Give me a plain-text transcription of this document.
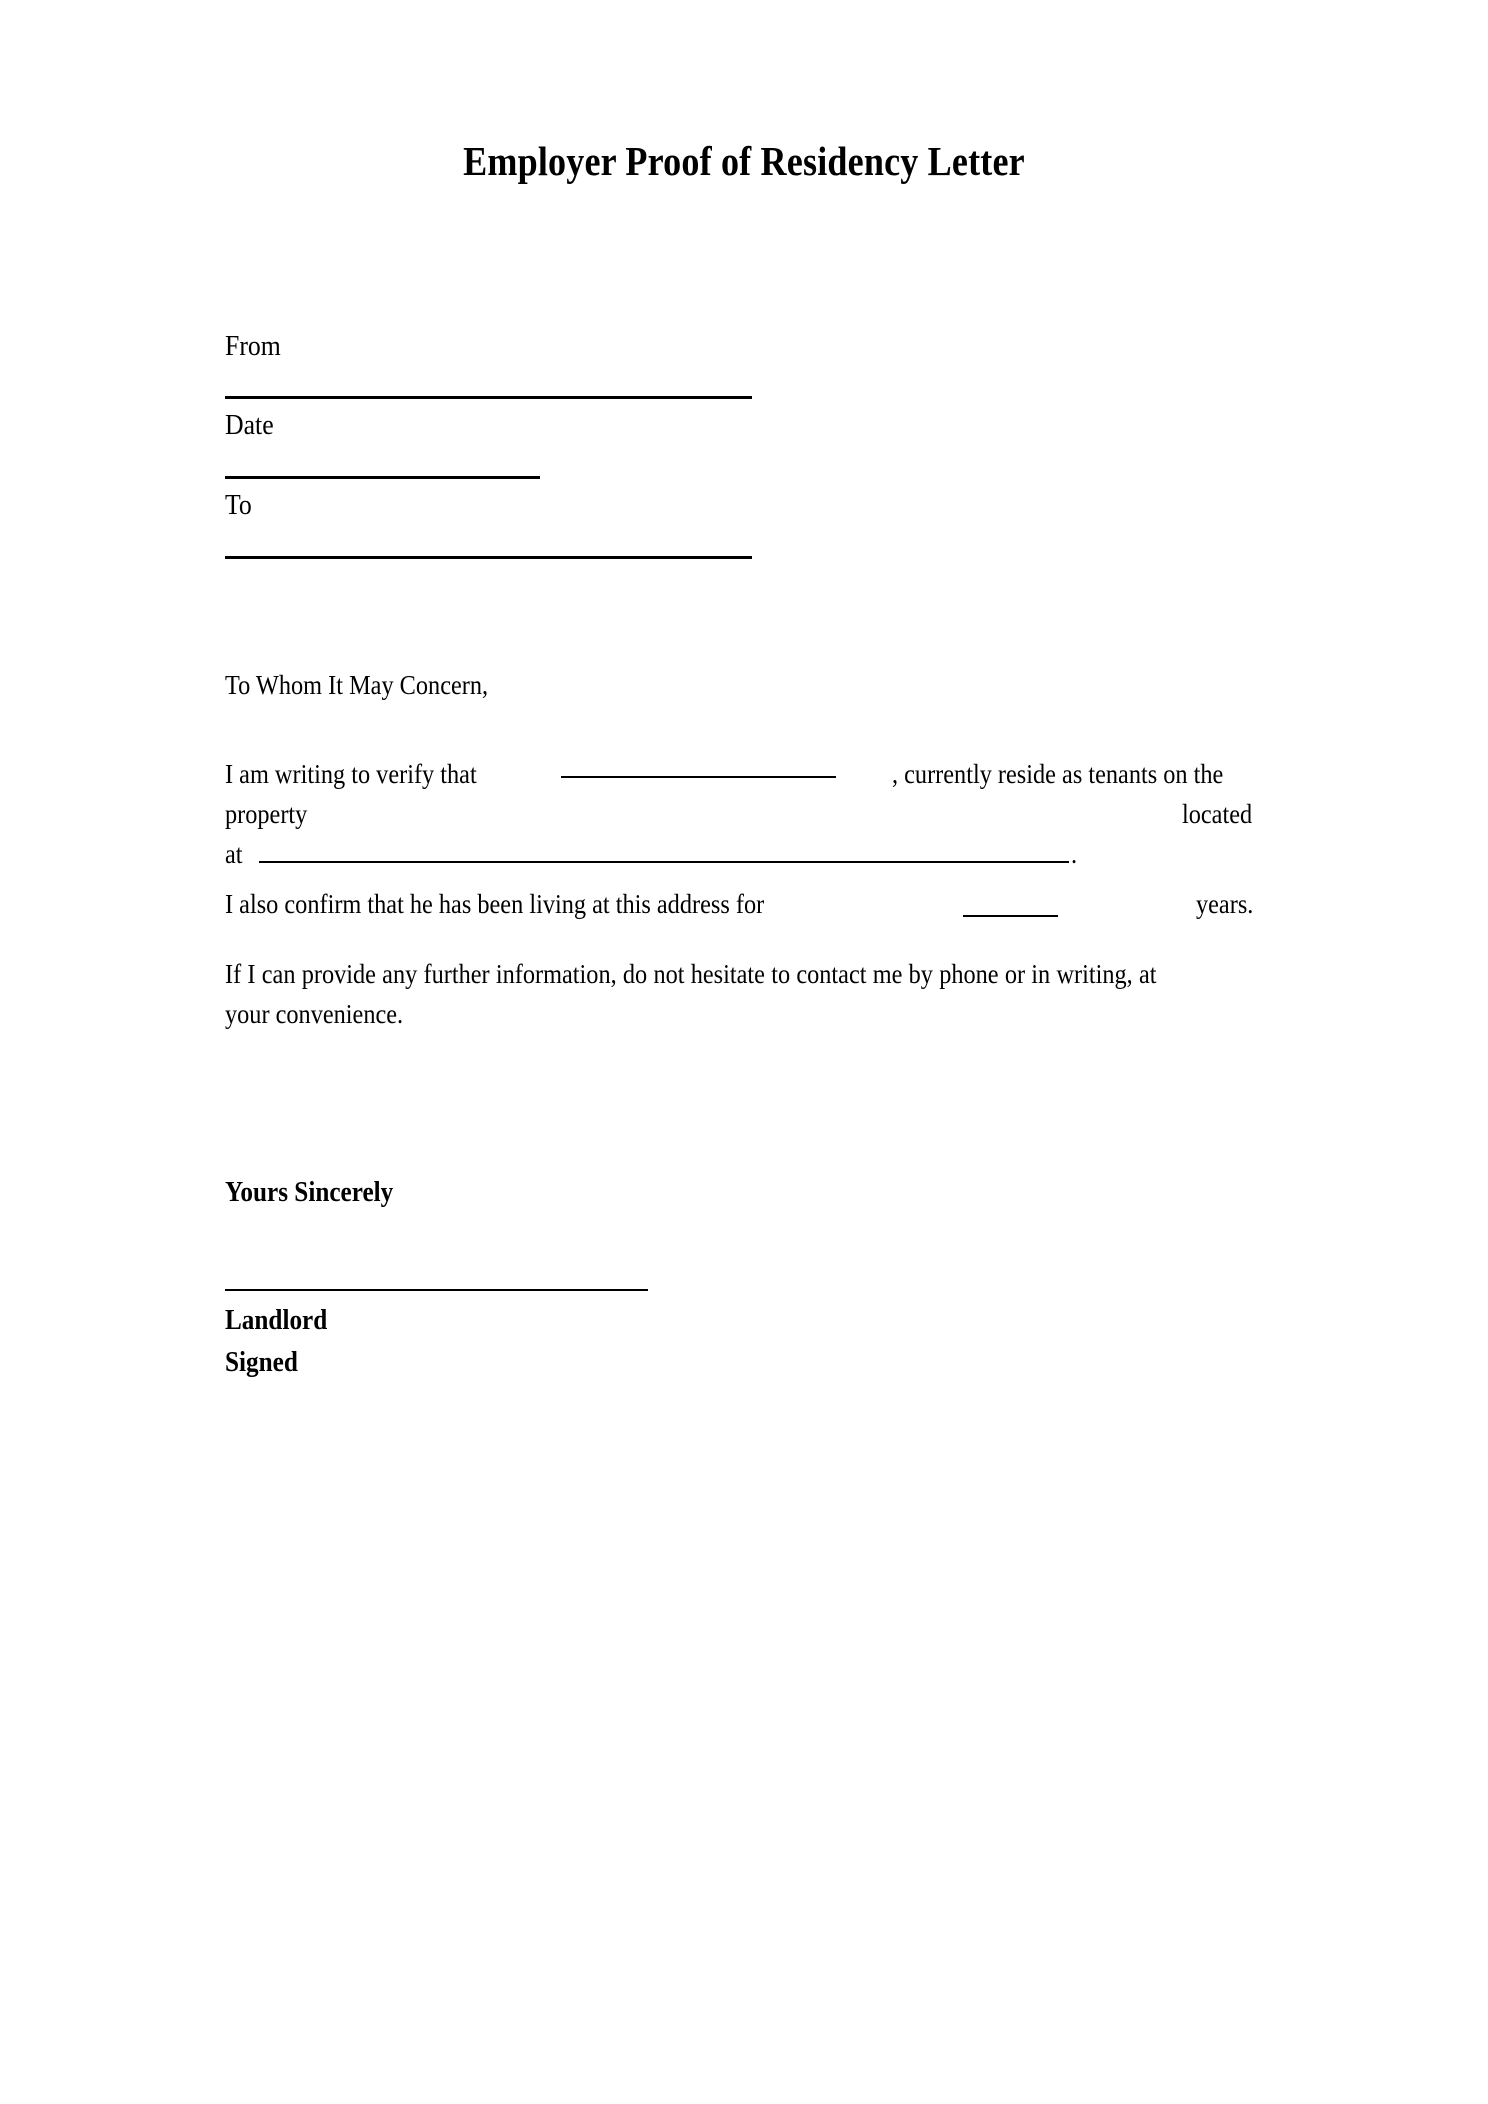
Employer Proof of Residency Letter
From
Date
To
To Whom It May Concern,
I am writing to verify that	, currently reside as tenants on the
property	located
at	.
I also confirm that he has been living at this address for	years.
If I can provide any further information, do not hesitate to contact me by phone or in writing, at your convenience.
Yours Sincerely
Landlord
Signed
